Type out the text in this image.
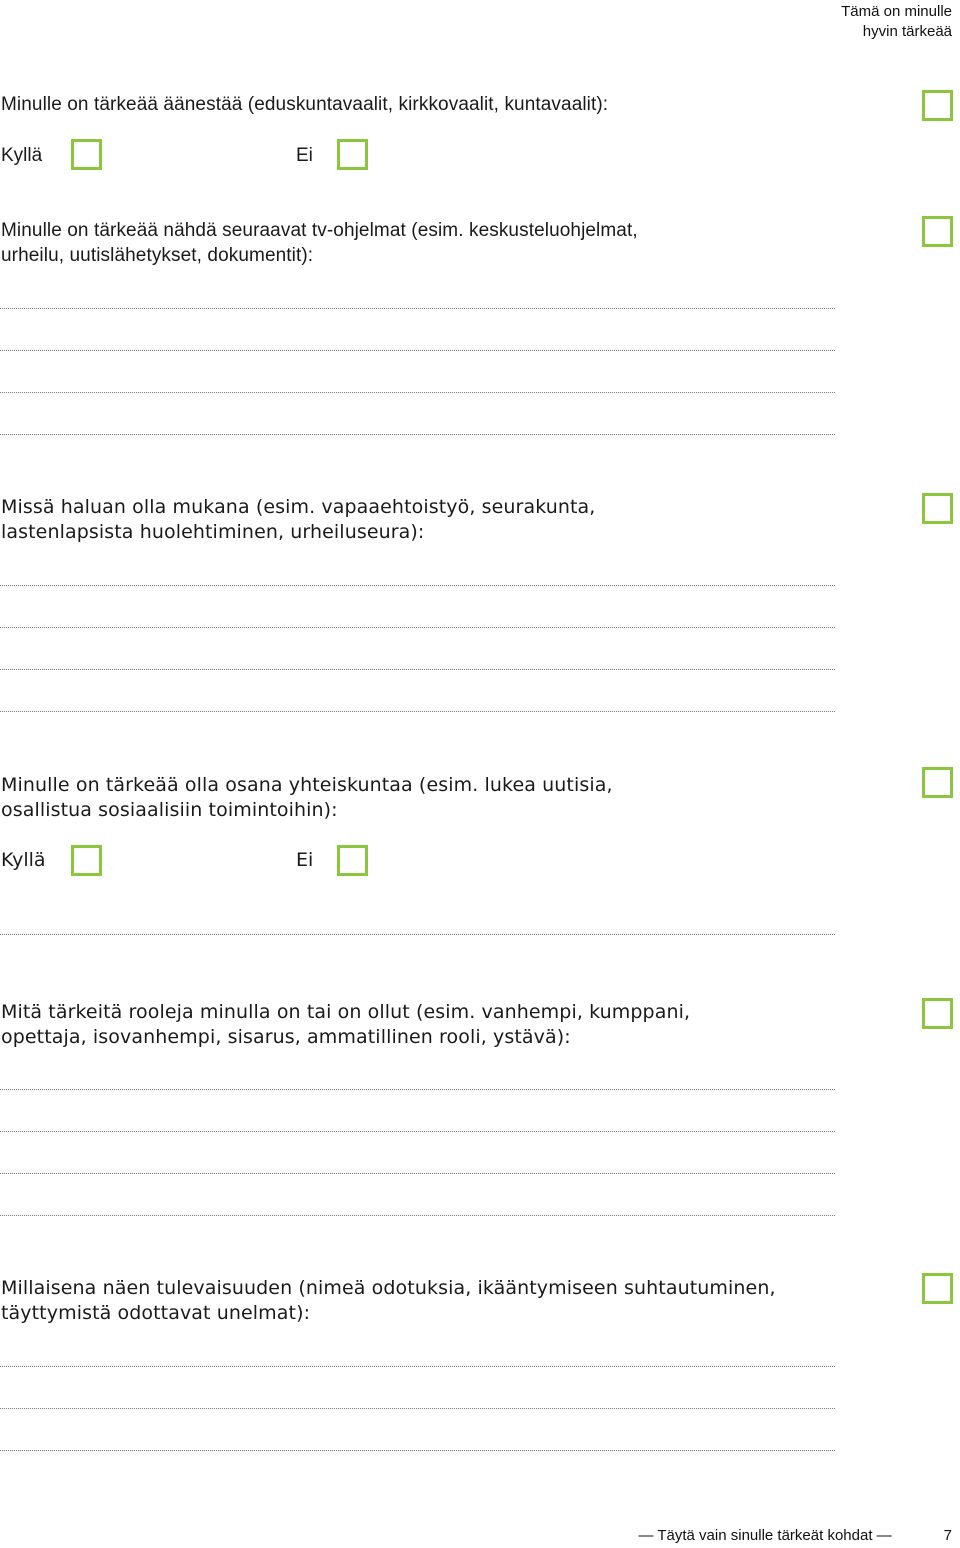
Tämä on minulle
hyvin tärkeää
Minulle on tärkeää äänestää (eduskuntavaalit, kirkkovaalit, kuntavaalit):
Kyllä	Ei
Minulle on tärkeää nähdä seuraavat tv-ohjelmat (esim. keskusteluohjelmat,
urheilu, uutislähetykset, dokumentit):
Missä haluan olla mukana (esim. vapaaehtoistyö, seurakunta,
lastenlapsista huolehtiminen, urheiluseura):
Minulle on tärkeää olla osana yhteiskuntaa (esim. lukea uutisia,
osallistua sosiaalisiin toimintoihin):
Kyllä	Ei
Mitä tärkeitä rooleja minulla on tai on ollut (esim. vanhempi, kumppani,
opettaja, isovanhempi, sisarus, ammatillinen rooli, ystävä):
Millaisena näen tulevaisuuden (nimeä odotuksia, ikääntymiseen suhtautuminen,
täyttymistä odottavat unelmat):
— Täytä vain sinulle tärkeät kohdat —	7
